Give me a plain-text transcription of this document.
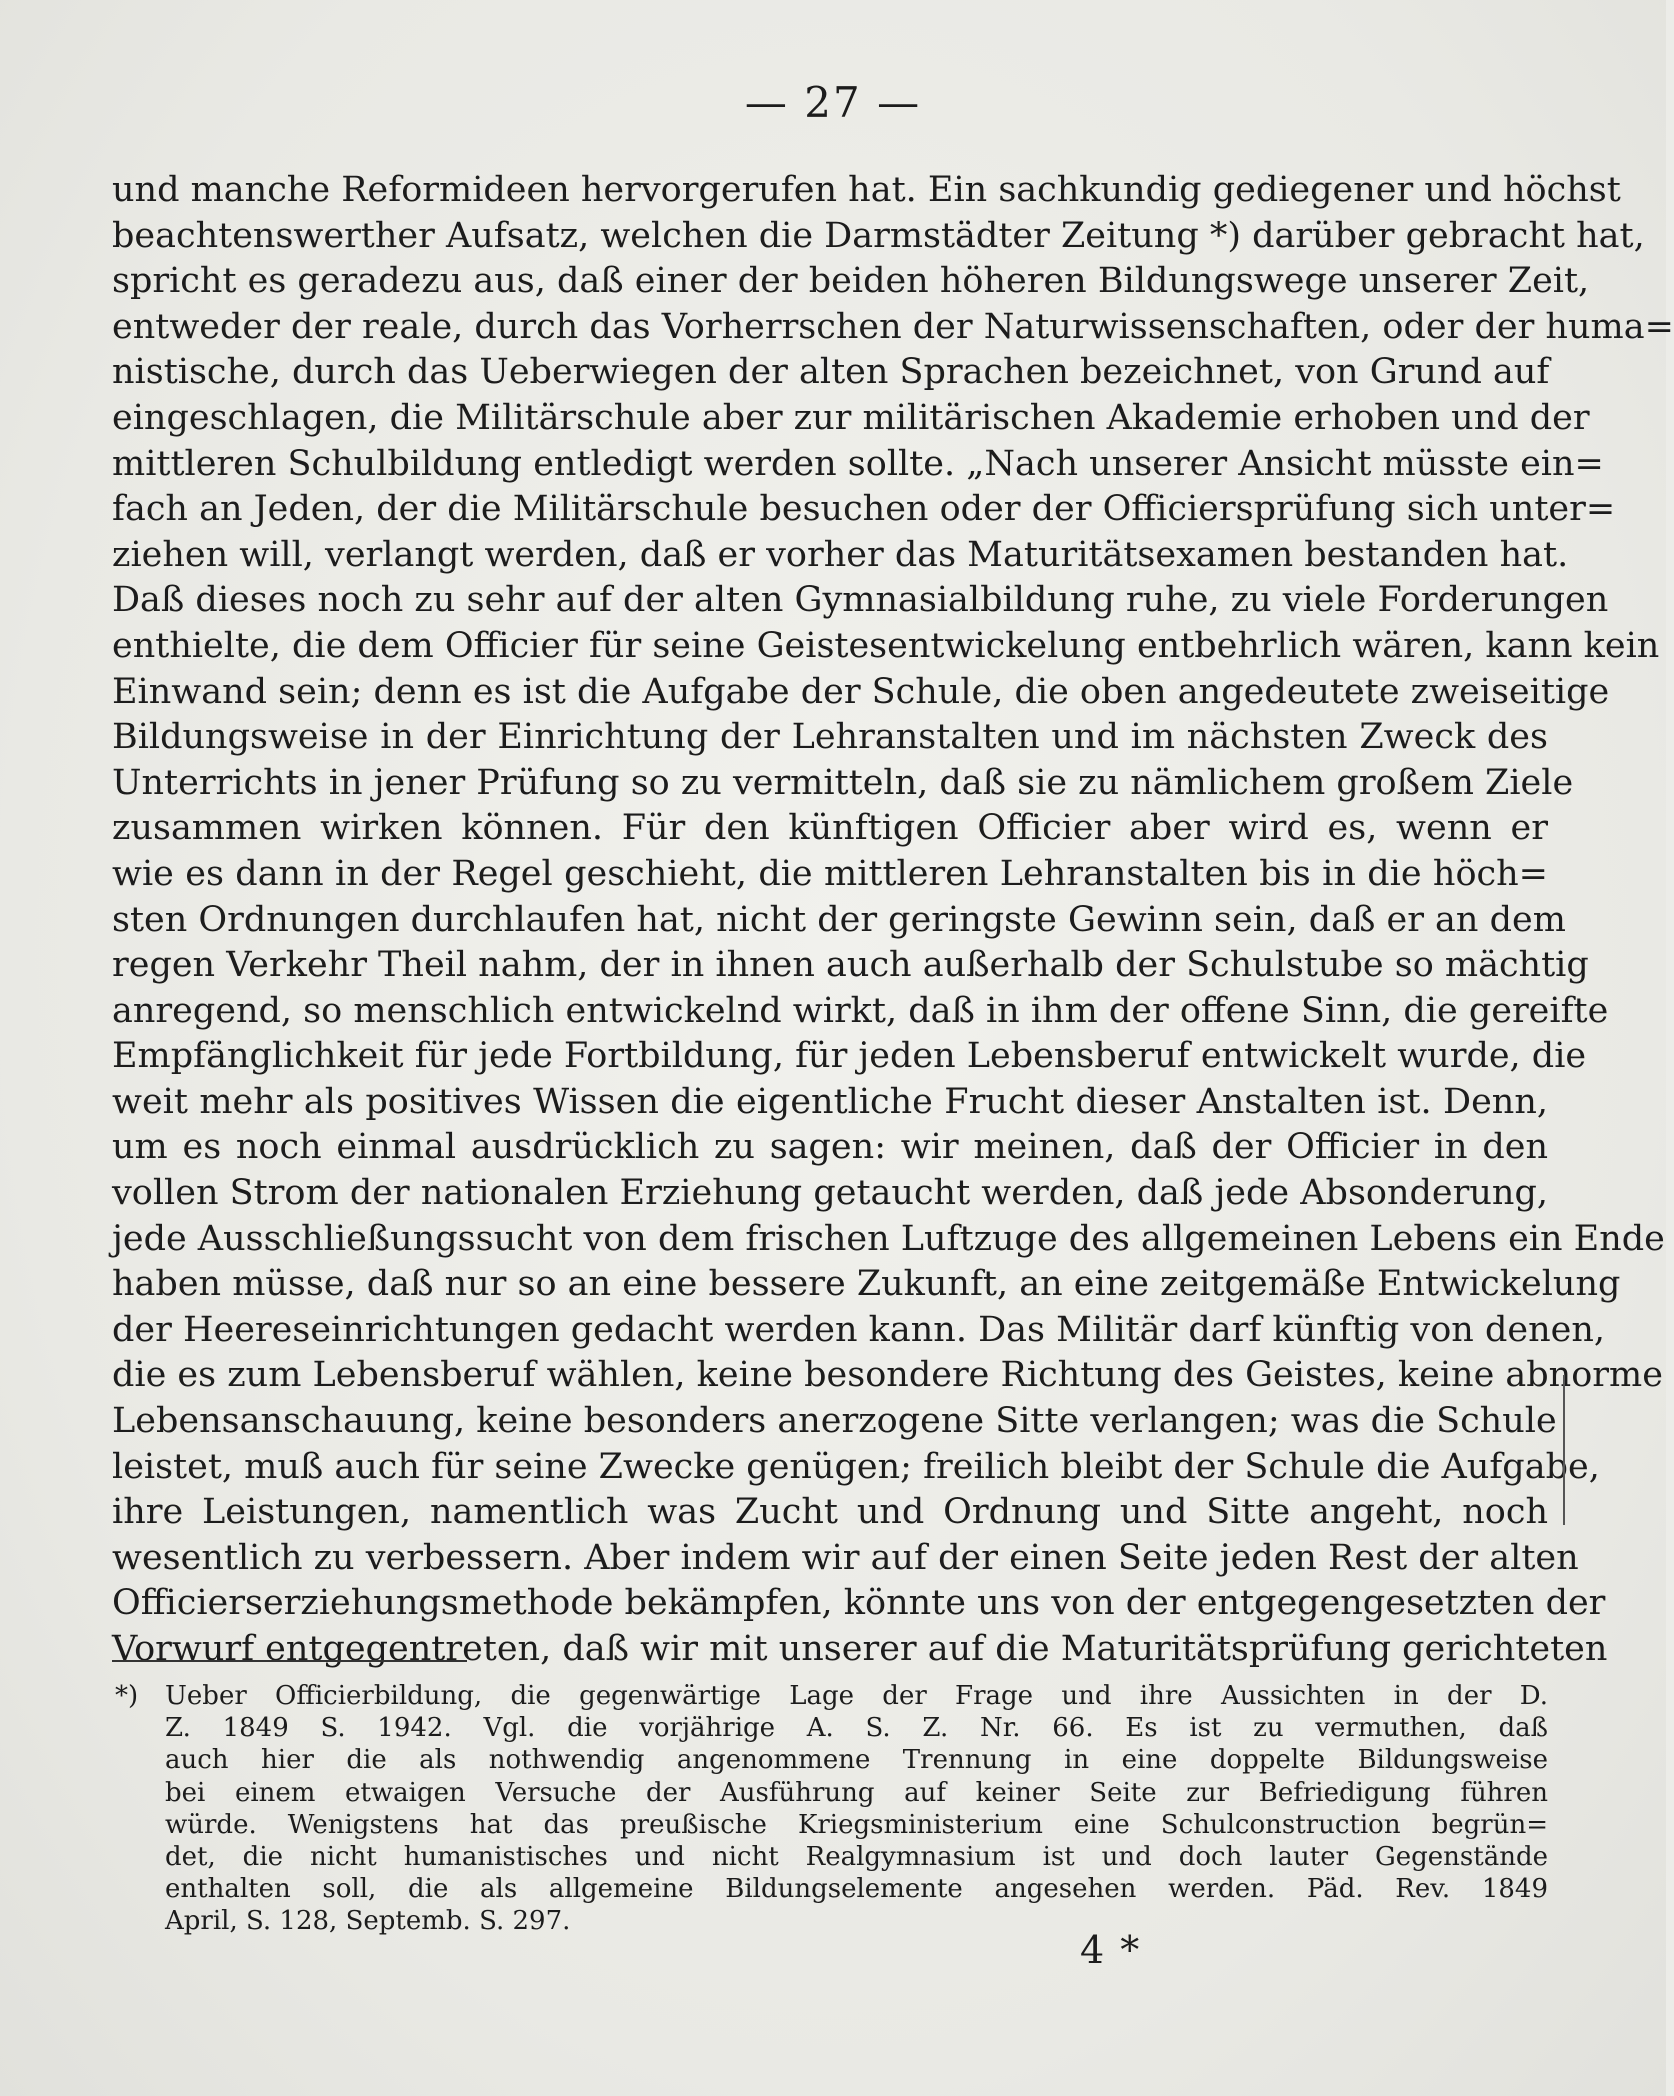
— 27 —
und manche Reformideen hervorgerufen hat. Ein sachkundig gediegener und höchst
beachtenswerther Aufsatz, welchen die Darmstädter Zeitung *) darüber gebracht hat,
spricht es geradezu aus, daß einer der beiden höheren Bildungswege unserer Zeit,
entweder der reale, durch das Vorherrschen der Naturwissenschaften, oder der huma=
nistische, durch das Ueberwiegen der alten Sprachen bezeichnet, von Grund auf
eingeschlagen, die Militärschule aber zur militärischen Akademie erhoben und der
mittleren Schulbildung entledigt werden sollte. „Nach unserer Ansicht müsste ein=
fach an Jeden, der die Militärschule besuchen oder der Officiersprüfung sich unter=
ziehen will, verlangt werden, daß er vorher das Maturitätsexamen bestanden hat.
Daß dieses noch zu sehr auf der alten Gymnasialbildung ruhe, zu viele Forderungen
enthielte, die dem Officier für seine Geistesentwickelung entbehrlich wären, kann kein
Einwand sein; denn es ist die Aufgabe der Schule, die oben angedeutete zweiseitige
Bildungsweise in der Einrichtung der Lehranstalten und im nächsten Zweck des
Unterrichts in jener Prüfung so zu vermitteln, daß sie zu nämlichem großem Ziele
zusammen wirken können. Für den künftigen Officier aber wird es, wenn er
wie es dann in der Regel geschieht, die mittleren Lehranstalten bis in die höch=
sten Ordnungen durchlaufen hat, nicht der geringste Gewinn sein, daß er an dem
regen Verkehr Theil nahm, der in ihnen auch außerhalb der Schulstube so mächtig
anregend, so menschlich entwickelnd wirkt, daß in ihm der offene Sinn, die gereifte
Empfänglichkeit für jede Fortbildung, für jeden Lebensberuf entwickelt wurde, die
weit mehr als positives Wissen die eigentliche Frucht dieser Anstalten ist. Denn,
um es noch einmal ausdrücklich zu sagen: wir meinen, daß der Officier in den
vollen Strom der nationalen Erziehung getaucht werden, daß jede Absonderung,
jede Ausschließungssucht von dem frischen Luftzuge des allgemeinen Lebens ein Ende
haben müsse, daß nur so an eine bessere Zukunft, an eine zeitgemäße Entwickelung
der Heereseinrichtungen gedacht werden kann. Das Militär darf künftig von denen,
die es zum Lebensberuf wählen, keine besondere Richtung des Geistes, keine abnorme
Lebensanschauung, keine besonders anerzogene Sitte verlangen; was die Schule
leistet, muß auch für seine Zwecke genügen; freilich bleibt der Schule die Aufgabe,
ihre Leistungen, namentlich was Zucht und Ordnung und Sitte angeht, noch
wesentlich zu verbessern. Aber indem wir auf der einen Seite jeden Rest der alten
Officierserziehungsmethode bekämpfen, könnte uns von der entgegengesetzten der
Vorwurf entgegentreten, daß wir mit unserer auf die Maturitätsprüfung gerichteten
*) Ueber Officierbildung, die gegenwärtige Lage der Frage und ihre Aussichten in der D.
Z. 1849 S. 1942. Vgl. die vorjährige A. S. Z. Nr. 66. Es ist zu vermuthen, daß
auch hier die als nothwendig angenommene Trennung in eine doppelte Bildungsweise
bei einem etwaigen Versuche der Ausführung auf keiner Seite zur Befriedigung führen
würde. Wenigstens hat das preußische Kriegsministerium eine Schulconstruction begrün=
det, die nicht humanistisches und nicht Realgymnasium ist und doch lauter Gegenstände
enthalten soll, die als allgemeine Bildungselemente angesehen werden. Päd. Rev. 1849
April, S. 128, Septemb. S. 297.
4 *
